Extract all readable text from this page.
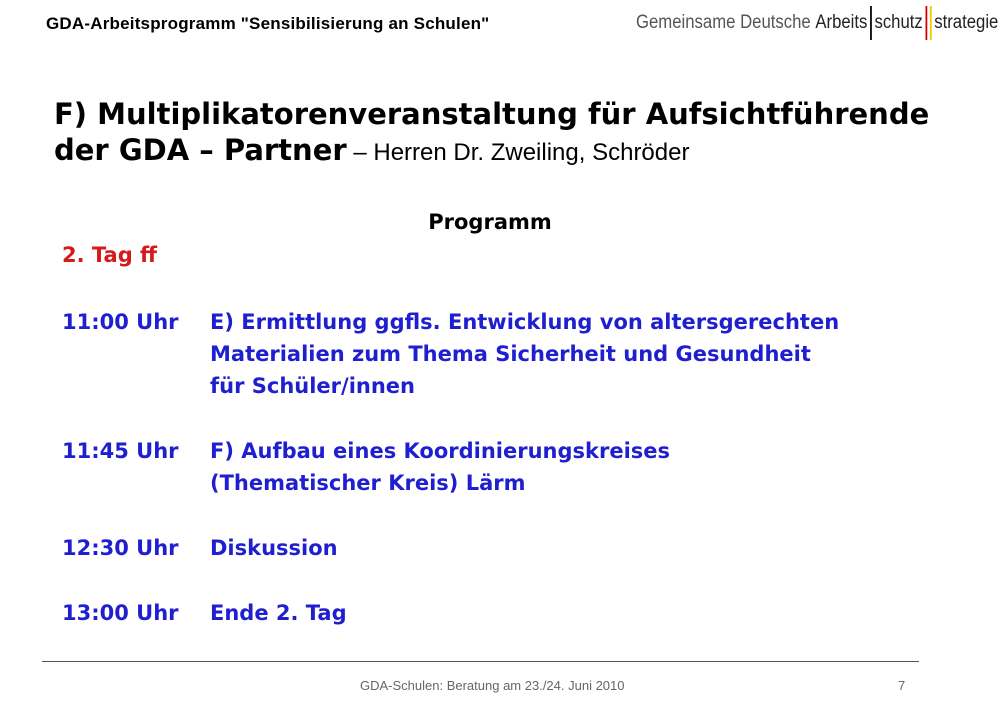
GDA-Arbeitsprogramm "Sensibilisierung an Schulen"	Gemeinsame Deutsche Arbeits schutz strategie
F) Multiplikatorenveranstaltung für Aufsichtführende
der GDA – Partner – Herren Dr. Zweiling, Schröder
Programm
2. Tag ff
11:00 Uhr	E) Ermittlung ggfls. Entwicklung von altersgerechten
Materialien zum Thema Sicherheit und Gesundheit
für Schüler/innen
11:45 Uhr	F) Aufbau eines Koordinierungskreises
(Thematischer Kreis) Lärm
12:30 Uhr	Diskussion
13:00 Uhr	Ende 2. Tag
GDA-Schulen: Beratung am 23./24. Juni 2010	7
